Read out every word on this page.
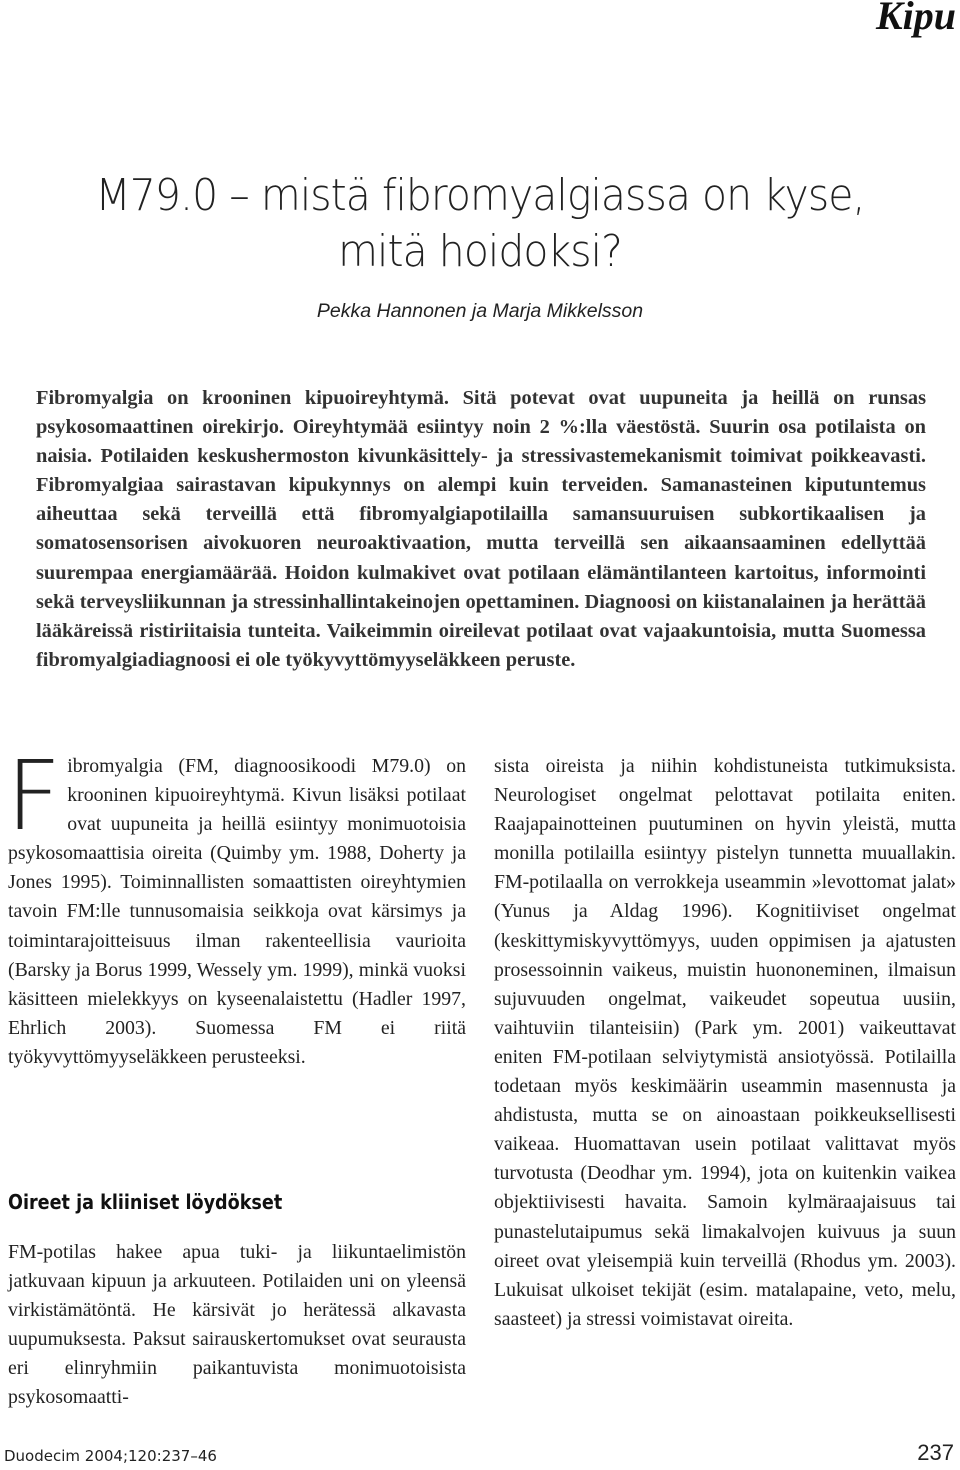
Kipu
M79.0 – mistä fibromyalgiassa on kyse,
mitä hoidoksi?
Pekka Hannonen ja Marja Mikkelsson
Fibromyalgia on krooninen kipuoireyhtymä. Sitä potevat ovat uupuneita ja heillä on runsas psykosomaattinen oirekirjo. Oireyhtymää esiintyy noin 2 %:lla väestöstä. Suurin osa potilaista on naisia. Potilaiden keskushermoston kivunkäsittely- ja stressivastemekanismit toimivat poikkeavasti. Fibromyalgiaa sairastavan kipukynnys on alempi kuin terveiden. Samanasteinen kiputuntemus aiheuttaa sekä terveillä että fibromyalgiapotilailla samansuuruisen subkortikaalisen ja somatosensorisen aivokuoren neuroaktivaation, mutta terveillä sen aikaansaaminen edellyttää suurempaa energiamäärää. Hoidon kulmakivet ovat potilaan elämäntilanteen kartoitus, informointi sekä terveysliikunnan ja stressinhallintakeinojen opettaminen. Diagnoosi on kiistanalainen ja herättää lääkäreissä ristiriitaisia tunteita. Vaikeimmin oireilevat potilaat ovat vajaakuntoisia, mutta Suomessa fibromyalgiadiagnoosi ei ole työkyvyttömyyseläkkeen peruste.
F ibromyalgia (FM, diagnoosikoodi M79.0) on krooninen kipuoireyhtymä. Kivun lisäksi potilaat ovat uupuneita ja heillä esiintyy monimuotoisia psykosomaattisia oireita (Quimby ym. 1988, Doherty ja Jones 1995). Toiminnallisten somaattisten oireyhtymien tavoin FM:lle tunnusomaisia seikkoja ovat kärsimys ja toimintarajoitteisuus ilman rakenteellisia vaurioita (Barsky ja Borus 1999, Wessely ym. 1999), minkä vuoksi käsitteen mielekkyys on kyseenalaistettu (Hadler 1997, Ehrlich 2003). Suomessa FM ei riitä työkyvyttömyyseläkkeen perusteeksi.
Oireet ja kliiniset löydökset
FM-potilas hakee apua tuki- ja liikuntaelimistön jatkuvaan kipuun ja arkuuteen. Potilaiden uni on yleensä virkistämätöntä. He kärsivät jo herätessä alkavasta uupumuksesta. Paksut sairauskertomukset ovat seurausta eri elinryhmiin paikantuvista monimuotoisista psykosomaatti-
sista oireista ja niihin kohdistuneista tutkimuksista. Neurologiset ongelmat pelottavat potilaita eniten. Raajapainotteinen puutuminen on hyvin yleistä, mutta monilla potilailla esiintyy pistelyn tunnetta muuallakin. FM-potilaalla on verrokkeja useammin »levottomat jalat» (Yunus ja Aldag 1996). Kognitiiviset ongelmat (keskittymiskyvyttömyys, uuden oppimisen ja ajatusten prosessoinnin vaikeus, muistin huononeminen, ilmaisun sujuvuuden ongelmat, vaikeudet sopeutua uusiin, vaihtuviin tilanteisiin) (Park ym. 2001) vaikeuttavat eniten FM-potilaan selviytymistä ansiotyössä. Potilailla todetaan myös keskimäärin useammin masennusta ja ahdistusta, mutta se on ainoastaan poikkeuksellisesti vaikeaa. Huomattavan usein potilaat valittavat myös turvotusta (Deodhar ym. 1994), jota on kuitenkin vaikea objektiivisesti havaita. Samoin kylmäraajaisuus tai punastelutaipumus sekä limakalvojen kuivuus ja suun oireet ovat yleisempiä kuin terveillä (Rhodus ym. 2003). Lukuisat ulkoiset tekijät (esim. matalapaine, veto, melu, saasteet) ja stressi voimistavat oireita.
Duodecim 2004;120:237–46	237
